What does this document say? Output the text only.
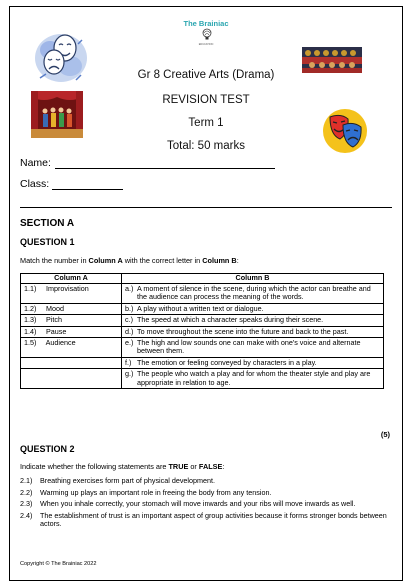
The Brainiac
EDUCATION
Gr 8 Creative Arts (Drama)
REVISION TEST
Term 1
Total: 50 marks
Name:
Class:
SECTION A
QUESTION 1
Match the number in Column A with the correct letter in Column B:
Column A	Column B
1.1) Improvisation	a.) A moment of silence in the scene, during which the actor can breathe and the audience can process the meaning of the words.

1.2) Mood	b.) A play without a written text or dialogue.

1.3) Pitch	c.) The speed at which a character speaks during their scene.

1.4) Pause	d.) To move throughout the scene into the future and back to the past.

1.5) Audience	e.) The high and low sounds one can make with one's voice and alternate between them.

	f.) The emotion or feeling conveyed by characters in a play.

	g.) The people who watch a play and for whom the theater style and play are appropriate in relation to age.
(5)
QUESTION 2
Indicate whether the following statements are TRUE or FALSE:
2.1)	Breathing exercises form part of physical development.
2.2)	Warming up plays an important role in freeing the body from any tension.
2.3)	When you inhale correctly, your stomach will move inwards and your ribs will move inwards as well.
2.4)	The establishment of trust is an important aspect of group activities because it forms stronger bonds between actors.
Copyright © The Brainiac 2022
